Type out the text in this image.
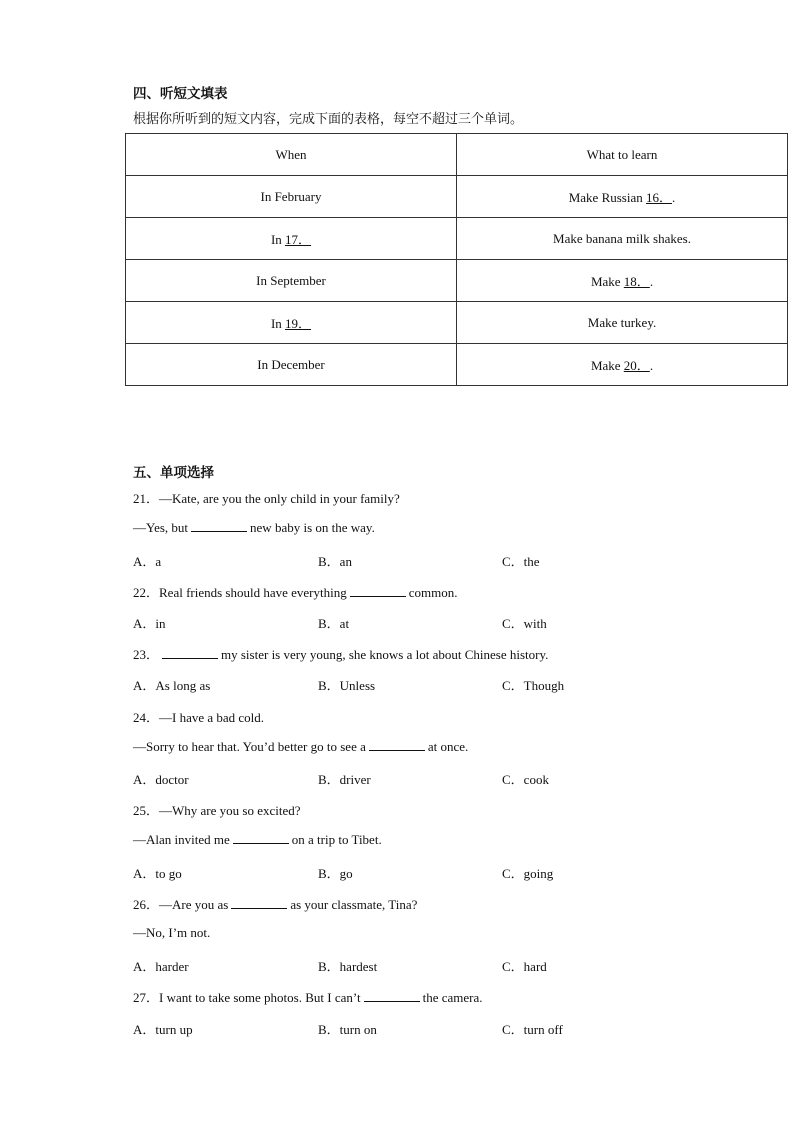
四、听短文填表
根据你所听到的短文内容，完成下面的表格，每空不超过三个单词。
When	What to learn
In February	Make Russian 16．.
In 17．	Make banana milk shakes.
In September	Make 18．.
In 19．	Make turkey.
In December	Make 20．.
五、单项选择
21．—Kate, are you the only child in your family?
—Yes, but	new baby is on the way.
A．a	B．an	C．the
22．Real friends should have everything	common.
A．in	B．at	C．with
23．	my sister is very young, she knows a lot about Chinese history.
A．As long as	B．Unless	C．Though
24．—I have a bad cold.
—Sorry to hear that. You’d better go to see a	at once.
A．doctor	B．driver	C．cook
25．—Why are you so excited?
—Alan invited me	on a trip to Tibet.
A．to go	B．go	C．going
26．—Are you as	as your classmate, Tina?
—No, I’m not.
A．harder	B．hardest	C．hard
27．I want to take some photos. But I can’t	the camera.
A．turn up	B．turn on	C．turn off
